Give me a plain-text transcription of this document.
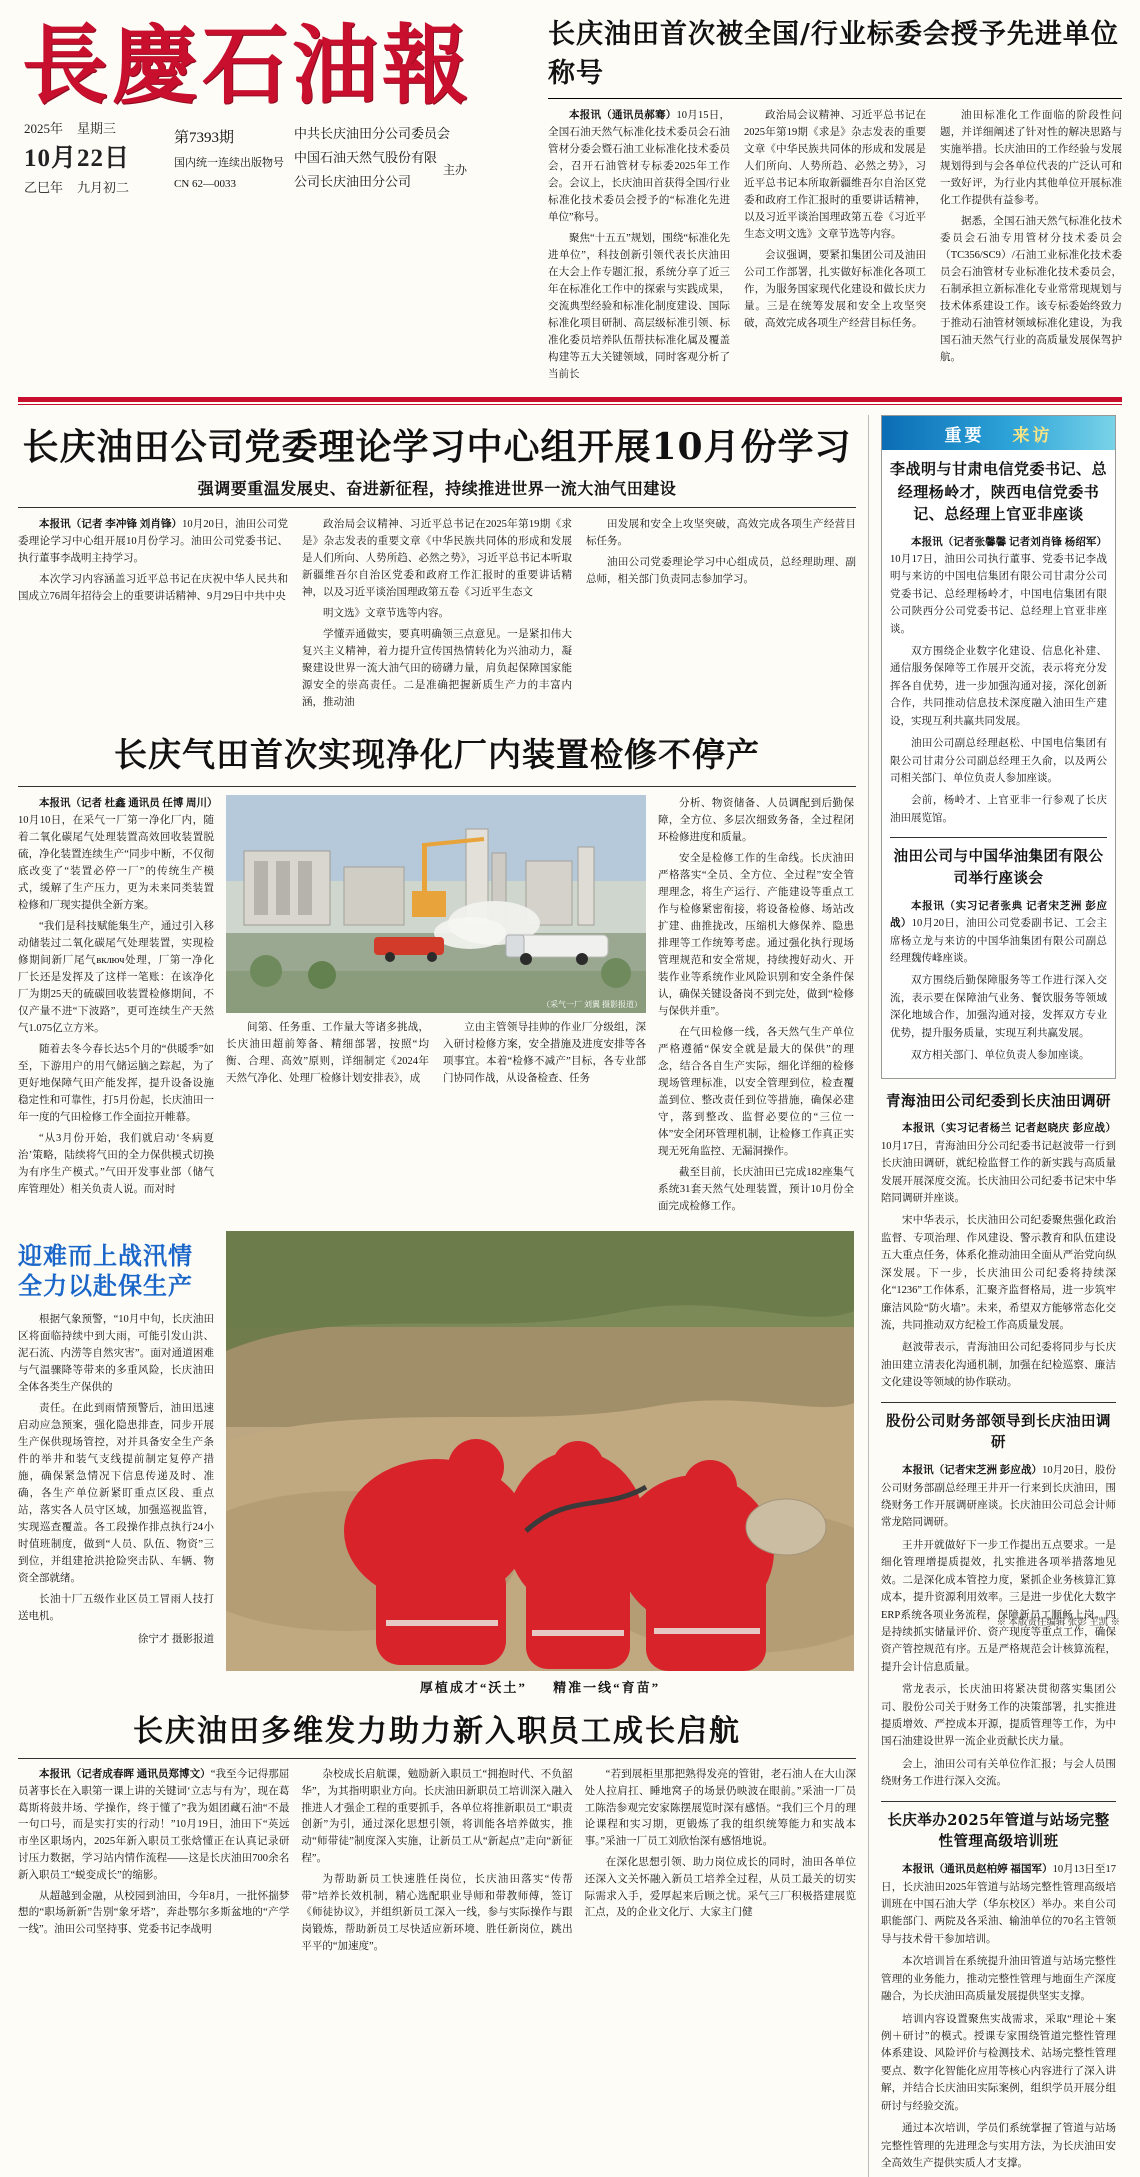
長慶石油報
2025年 星期三
10月22日
乙巳年 九月初二
第7393期
国内统一连续出版物号
CN 62—0033
中共长庆油田分公司委员会
中国石油天然气股份有限
公司长庆油田分公司
主办
长庆油田首次被全国/行业标委会授予先进单位称号

本报讯（通讯员郝骞）10月15日，全国石油天然气标准化技术委员会石油管材分委会暨石油工业标准化技术委员会，召开石油管材专标委2025年工作会。会议上，长庆油田首获得全国/行业标准化技术委员会授予的“标准化先进单位”称号。

聚焦“十五五”规划，围绕“标准化先进单位”，科技创新引领代表长庆油田在大会上作专题汇报，系统分享了近三年在标准化工作中的探索与实践成果，交流典型经验和标准化制度建设、国际标准化项目研制、高层级标准引领、标准化委员培养队伍帮扶标准化属及覆盖构建等五大关键领域，同时客观分析了当前长

政治局会议精神、习近平总书记在2025年第19期《求是》杂志发表的重要文章《中华民族共同体的形成和发展是人们所向、人势所趋、必然之势》，习近平总书记本所取新疆维吾尔自治区党委和政府工作汇报时的重要讲话精神，以及习近平谈治国理政第五卷《习近平生态文明文选》文章节选等内容。

会议强调，要紧扣集团公司及油田公司工作部署，扎实做好标准化各项工作，为服务国家现代化建设和做长庆力量。三是在统筹发展和安全上攻坚突破，高效完成各项生产经营目标任务。

油田标准化工作面临的阶段性问题，并详细阐述了针对性的解决思路与实施举措。长庆油田的工作经验与发展规划得到与会各单位代表的广泛认可和一致好评，为行业内其他单位开展标准化工作提供有益参考。

据悉，全国石油天然气标准化技术委员会石油专用管材分技术委员会（TC356/SC9）/石油工业标准化技术委员会石油管材专业标准化技术委员会，石制承担立新标准化专业常常现规划与技术体系建设工作。该专标委始终致力于推动石油管材领域标准化建设，为我国石油天然气行业的高质量发展保驾护航。

长庆油田公司党委理论学习中心组开展10月份学习
强调要重温发展史、奋进新征程，持续推进世界一流大油气田建设

本报讯（记者 李冲锋 刘肖锋）10月20日，油田公司党委理论学习中心组开展10月份学习。油田公司党委书记、执行董事李战明主持学习。

本次学习内容涵盖习近平总书记在庆祝中华人民共和国成立76周年招待会上的重要讲话精神、9月29日中共中央

政治局会议精神、习近平总书记在2025年第19期《求是》杂志发表的重要文章《中华民族共同体的形成和发展是人们所向、人势所趋、必然之势》，习近平总书记本听取新疆维吾尔自治区党委和政府工作汇报时的重要讲话精神，以及习近平谈治国理政第五卷《习近平生态文

明文选》文章节选等内容。

学懂弄通做实，要真明确领三点意见。一是紧扣伟大复兴主义精神，着力提升宣传国热情转化为兴油动力，凝聚建设世界一流大油气田的磅礴力量，肩负起保障国家能源安全的崇高责任。二是准确把握新质生产力的丰富内涵，推动油

田发展和安全上攻坚突破，高效完成各项生产经营目标任务。

油田公司党委理论学习中心组成员，总经理助理、副总师，相关部门负责同志参加学习。

长庆气田首次实现净化厂内装置检修不停产

本报讯（记者 杜鑫 通讯员 任博 周川）10月10日，在采气一厂第一净化厂内，随着二氧化碳尾气处理装置高效回收装置脱硫，净化装置连续生产“同步中断，不仅彻底改变了“装置必停一厂”的传统生产模式，缓解了生产压力，更为未来同类装置检修和厂现实提供全新方案。

“我们是科技赋能集生产，通过引入移动储装过二氧化碳尾气处理装置，实现检修期间新厂尾气включ处理，厂第一净化厂长还是发挥及了这样一笔账：在该净化厂为期25天的硫碳回收装置检修期间，不仅产量不进“下波路”，更可连续生产天然气1.075亿立方米。

随着去冬今春长达5个月的“供暖季”如至，下游用户的用气储运脑之踪起，为了更好地保障气田产能发挥，提升设备设施稳定性和可靠性，打5月份起，长庆油田一年一度的气田检修工作全面拉开帷幕。

“从3月份开始，我们就启动‘冬病夏治’策略，陆续将气田的全力保供模式切换为有序生产模式。”气田开发事业部（储气库管理处）相关负责人说。而对时

（采气一厂 刘翼 摄影报道）

间第、任务重、工作量大等诸多挑战，长庆油田超前筹备、精细部署，按照“均衡、合理、高效”原则，详细制定《2024年天然气净化、处理厂检修计划安排表》，成

立由主管领导挂帅的作业厂分级组，深入研讨检修方案，安全措施及进度安排等各项事宜。本着“检修不减产”目标，各专业部门协同作战，从设备检查、任务

分析、物资储备、人员调配到后勤保障，全方位、多层次细致务备，全过程闭环检修进度和质量。

安全是检修工作的生命线。长庆油田严格落实“全员、全方位、全过程”安全管理理念，将生产运行、产能建设等重点工作与检修紧密衔接，将设备检修、场站改扩建、曲推拢改，压缩机大修保养、隐患排理等工作统筹考虑。通过强化执行现场管理规范和安全常规，持续搜好动火、开装作业等系统作业风险识别和安全条件保认，确保关键设备岗不到完处，做到“检修与保供并重”。

在气田检修一线，各天然气生产单位严格遵循“保安全就是最大的保供”的理念，结合各自生产实际，细化详细的检修现场管理标准，以安全管理到位，检查覆盖到位、整改责任到位等措施，确保必建守，落到整改、监督必要位的“三位一体”安全闭环管理机制，让检修工作真正实现无死角监控、无漏洞操作。

截至目前，长庆油田已完成182座集气系统31套天然气处理装置，预计10月份全面完成检修工作。

迎难而上战汛情
全力以赴保生产

根据气象预警，“10月中旬，长庆油田区将面临持续中到大雨，可能引发山洪、泥石流、内涝等自然灾害”。面对通道困难与气温骤降等带来的多重风险，长庆油田全体各类生产保供的

责任。在此到雨情预警后，油田迅速启动应急预案，强化隐患排查，同步开展生产保供现场管控，对并具备安全生产条件的举井和装气支线提前制定复停产措施，确保紧急情况下信息传递及时、准确，各生产单位新紧盯重点区段、重点站，落实各人员守区域，加强巡视监管，实现巡查覆盖。各工段操作排点执行24小时值班制度，做到“人员、队伍、物资”三到位，并组建抢洪抢险突击队、车辆、物资全部就绪。

长油十厂五级作业区员工冒雨人技打送电机。

徐宁才 摄影报道
厚植成才“沃土” 精准一线“育苗”
长庆油田多维发力助力新入职员工成长启航

本报讯（记者成春晖 通讯员郑博文）“我至今记得那屈员著事长在入职第一课上讲的关键词‘立志与有为’，现在葛葛斯将鼓井场、学操作，终于懂了”我为姐团藏石油“不最一句口号，而是实打实的行动！”10月19日，油田下“英远市坐区职场内，2025年新入职员工张焓懂正在认真记录研讨压力数据，学习站内情作流程——这是长庆油田700余名新入职员工“蜕变成长”的缩影。

从超越到金融，从校园到油田，今年8月，一批怀揣梦想的“职场新新”告别“象牙塔”，奔赴鄂尔多斯盆地的“产学一线”。油田公司坚持事、党委书记李战明

杂校成长启航课，勉励新入职员工“拥抱时代、不负韶华”，为其指明职业方向。长庆油田新职员工培训深入融入推进人才强企工程的重要抓手，各单位将推新职员工“职责创新”为引，通过深化思想引领，将训能各培养做实，推动“师带徒”制度深入实施，让新员工从“新起点”走向“新征程”。

为帮助新员工快速胜任岗位，长庆油田落实“传帮带”培养长效机制，精心选配职业导师和带教师傅，签订《师徒协议》，并组织新员工深入一线，参与实际操作与跟岗锻炼，帮助新员工尽快适应新环境、胜任新岗位，跳出平平的“加速度”。

“若到展柜里那把熟得发亮的管钳，老石油人在大山深处人拉肩扛、睡地窝子的场景仍映波在眼前。”采油一厂员工陈浩参观完安家陈摆展览时深有感悟。“我们三个月的理论课程和实习期，更锻炼了我的组织统筹能力和实战本事。”采油一厂员工刘欣怡深有感悟地说。

在深化思想引领、助力岗位成长的同时，油田各单位还深入文关怀融入新员工培养全过程，从员工最关的切实际需求入手，爱厚起来后顾之忧。采气三厂积极搭建展览汇点，及的企业文化厅、大家主门健

重要 来访
李战明与甘肃电信党委书记、总经理杨岭才，陕西电信党委书记、总经理上官亚非座谈

本报讯（记者张馨馨 记者刘肖锋 杨绍军）10月17日，油田公司执行董事、党委书记李战明与来访的中国电信集团有限公司甘肃分公司党委书记、总经理杨岭才，中国电信集团有限公司陕西分公司党委书记、总经理上官亚非座谈。

双方围绕企业数字化建设、信息化补建、通信服务保障等工作展开交流，表示将充分发挥各自优势，进一步加强沟通对接，深化创新合作，共同推动信息技术深度融入油田生产建设，实现互利共赢共同发展。

油田公司副总经理赵松、中国电信集团有限公司甘肃分公司副总经理王久俞，以及两公司相关部门、单位负责人参加座谈。

会前，杨岭才、上官亚非一行参观了长庆油田展览馆。

油田公司与中国华油集团有限公司举行座谈会

本报讯（实习记者张典 记者宋芝洲 彭应战）10月20日，油田公司党委副书记、工会主席杨立龙与来访的中国华油集团有限公司副总经理魏传峰座谈。

双方围绕后勤保障服务等工作进行深入交流，表示要在保障油气业务、餐饮服务等领域深化地域合作，加强沟通对接，发挥双方专业优势，提升服务质量，实现互利共赢发展。

双方相关部门、单位负责人参加座谈。

青海油田公司纪委到长庆油田调研

本报讯（实习记者杨兰 记者赵晓庆 彭应战）10月17日，青海油田分公司纪委书记赵波带一行到长庆油田调研，就纪检监督工作的新实践与高质量发展开展深度交流。长庆油田公司纪委书记宋中华陪同调研并座谈。

宋中华表示，长庆油田公司纪委聚焦强化政治监督、专项治理、作风建设、警示教育和队伍建设五大重点任务，体系化推动油田全面从严治党向纵深发展。下一步，长庆油田公司纪委将持续深化“1236”工作体系，汇聚齐监督格局，进一步筑牢廉洁风险“防火墙”。未来，希望双方能够常态化交流，共同推动双方纪检工作高质量发展。

赵波带表示，青海油田公司纪委将同步与长庆油田建立清表化沟通机制，加强在纪检巡察、廉洁文化建设等领域的协作联动。

股份公司财务部领导到长庆油田调研

本报讯（记者宋芝洲 彭应战）10月20日，股份公司财务部副总经理王井开一行来到长庆油田，围绕财务工作开展调研座谈。长庆油田公司总会计师常龙陪同调研。

王井开就做好下一步工作提出五点要求。一是细化管理增提质提效，扎实推进各项举措落地见效。二是深化成本管控力度，紧抓企业务核算汇算成本，提升资源利用效率。三是进一步优化大数字ERP系统各项业务流程，保障新员工顺畅上岗。四是持续抓实储量评价、资产现度等重点工作，确保资产管控规范有序。五是严格规范会计核算流程，提升会计信息质量。

常龙表示，长庆油田将紧决贯彻落实集团公司、股份公司关于财务工作的决策部署，扎实推进提质增效、严控成本开源，提质管理等工作，为中国石油建设世界一流企业贡献长庆力量。

会上，油田公司有关单位作汇报；与会人员围绕财务工作进行深入交流。

长庆举办2025年管道与站场完整性管理高级培训班

本报讯（通讯员赵柏婷 福国军）10月13日至17日，长庆油田2025年管道与站场完整性管理高级培训班在中国石油大学（华东校区）举办。来自公司职能部门、两院及各采油、输油单位的70名主管领导与技术骨干参加培训。

本次培训旨在系统提升油田管道与站场完整性管理的业务能力，推动完整性管理与地面生产深度融合，为长庆油田高质量发展提供坚实支撑。

培训内容设置聚焦实战需求，采取“理论＋案例＋研讨”的模式。授课专家围绕管道完整性管理体系建设、风险评价与检测技术、站场完整性管理要点、数字化智能化应用等核心内容进行了深入讲解，并结合长庆油田实际案例，组织学员开展分组研讨与经验交流。

通过本次培训，学员们系统掌握了管道与站场完整性管理的先进理念与实用方法，为长庆油田安全高效生产提供实质人才支撑。

※ 本版责任编辑 张彭 王凯 ※
